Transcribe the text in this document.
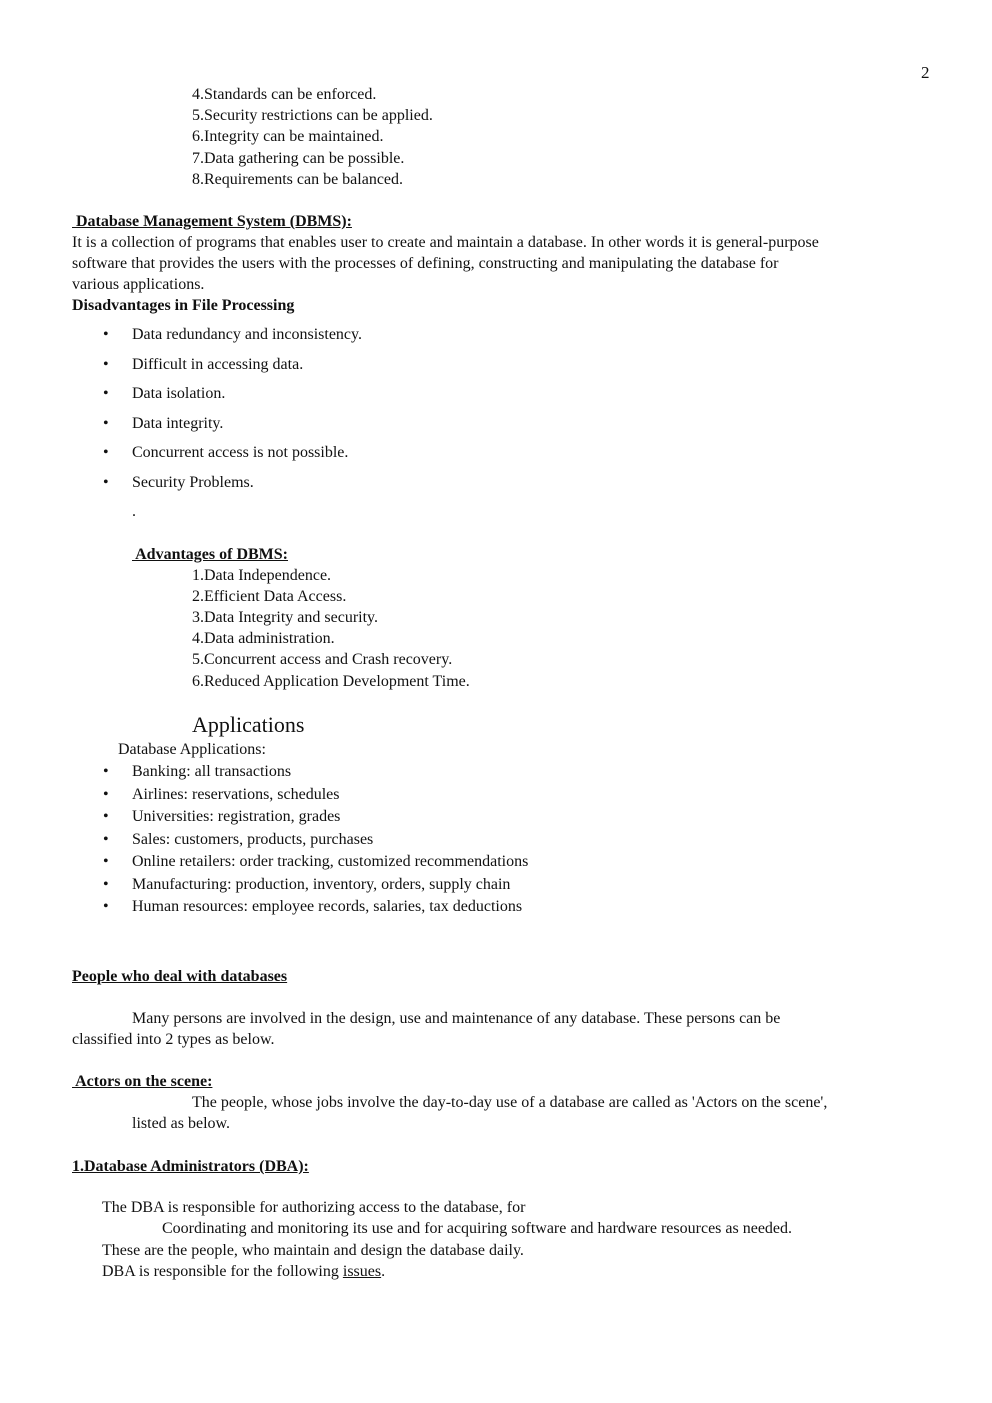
2
4.Standards can be enforced.
5.Security restrictions can be applied.
6.Integrity can be maintained.
7.Data gathering can be possible.
8.Requirements can be balanced.
Database Management System (DBMS):
It is a collection of programs that enables user to create and maintain a database. In other words it is general-purpose
software that provides the users with the processes of defining, constructing and manipulating the database for
various applications.
Disadvantages in File Processing
• Data redundancy and inconsistency.
• Difficult in accessing data.
• Data isolation.
• Data integrity.
• Concurrent access is not possible.
• Security Problems.
.
Advantages of DBMS:
1.Data Independence.
2.Efficient Data Access.
3.Data Integrity and security.
4.Data administration.
5.Concurrent access and Crash recovery.
6.Reduced Application Development Time.
Applications
Database Applications:
• Banking: all transactions
• Airlines: reservations, schedules
• Universities: registration, grades
• Sales: customers, products, purchases
• Online retailers: order tracking, customized recommendations
• Manufacturing: production, inventory, orders, supply chain
• Human resources: employee records, salaries, tax deductions
People who deal with databases
Many persons are involved in the design, use and maintenance of any database. These persons can be
classified into 2 types as below.
Actors on the scene:
The people, whose jobs involve the day-to-day use of a database are called as 'Actors on the scene',
listed as below.
1.Database Administrators (DBA):
The DBA is responsible for authorizing access to the database, for
Coordinating and monitoring its use and for acquiring software and hardware resources as needed.
These are the people, who maintain and design the database daily.
DBA is responsible for the following issues.
